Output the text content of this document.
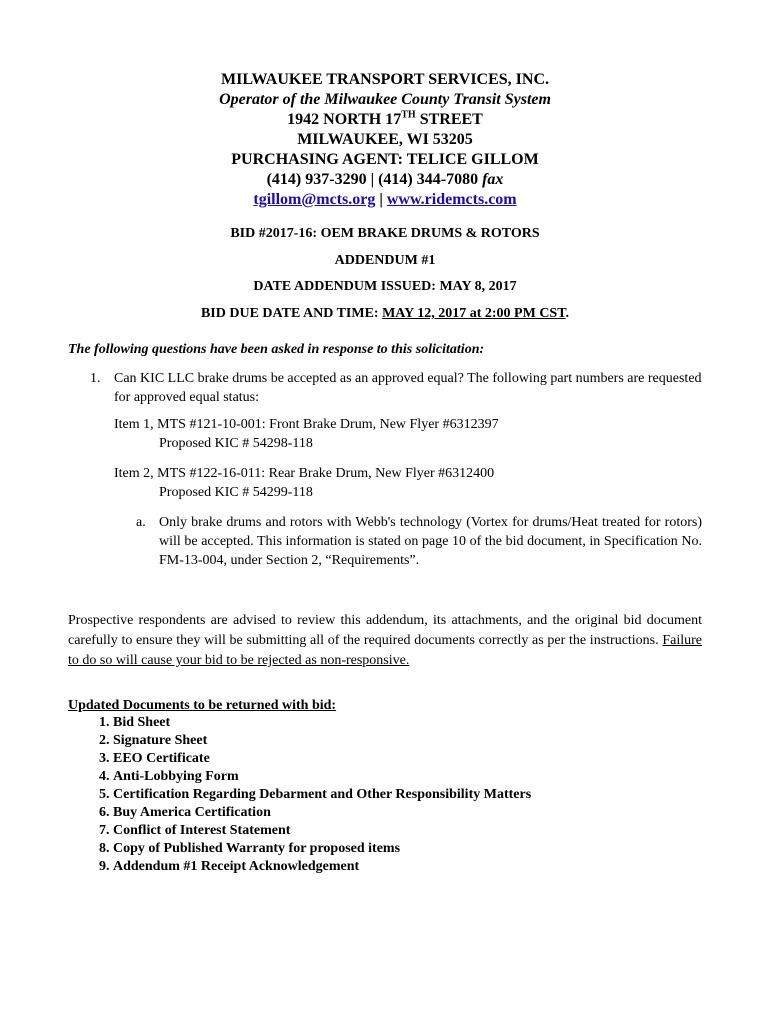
MILWAUKEE TRANSPORT SERVICES, INC.
Operator of the Milwaukee County Transit System
1942 NORTH 17TH STREET
MILWAUKEE, WI 53205
PURCHASING AGENT: TELICE GILLOM
(414) 937-3290 | (414) 344-7080 fax
tgillom@mcts.org | www.ridemcts.com
BID #2017-16: OEM BRAKE DRUMS & ROTORS
ADDENDUM #1
DATE ADDENDUM ISSUED: MAY 8, 2017
BID DUE DATE AND TIME: MAY 12, 2017 at 2:00 PM CST.
The following questions have been asked in response to this solicitation:
1. Can KIC LLC brake drums be accepted as an approved equal? The following part numbers are requested for approved equal status:
Item 1, MTS #121-10-001: Front Brake Drum, New Flyer #6312397
Proposed KIC # 54298-118
Item 2, MTS #122-16-011: Rear Brake Drum, New Flyer #6312400
Proposed KIC # 54299-118
a. Only brake drums and rotors with Webb's technology (Vortex for drums/Heat treated for rotors) will be accepted. This information is stated on page 10 of the bid document, in Specification No. FM-13-004, under Section 2, “Requirements”.
Prospective respondents are advised to review this addendum, its attachments, and the original bid document carefully to ensure they will be submitting all of the required documents correctly as per the instructions. Failure to do so will cause your bid to be rejected as non-responsive.
Updated Documents to be returned with bid:
1. Bid Sheet
2. Signature Sheet
3. EEO Certificate
4. Anti-Lobbying Form
5. Certification Regarding Debarment and Other Responsibility Matters
6. Buy America Certification
7. Conflict of Interest Statement
8. Copy of Published Warranty for proposed items
9. Addendum #1 Receipt Acknowledgement
